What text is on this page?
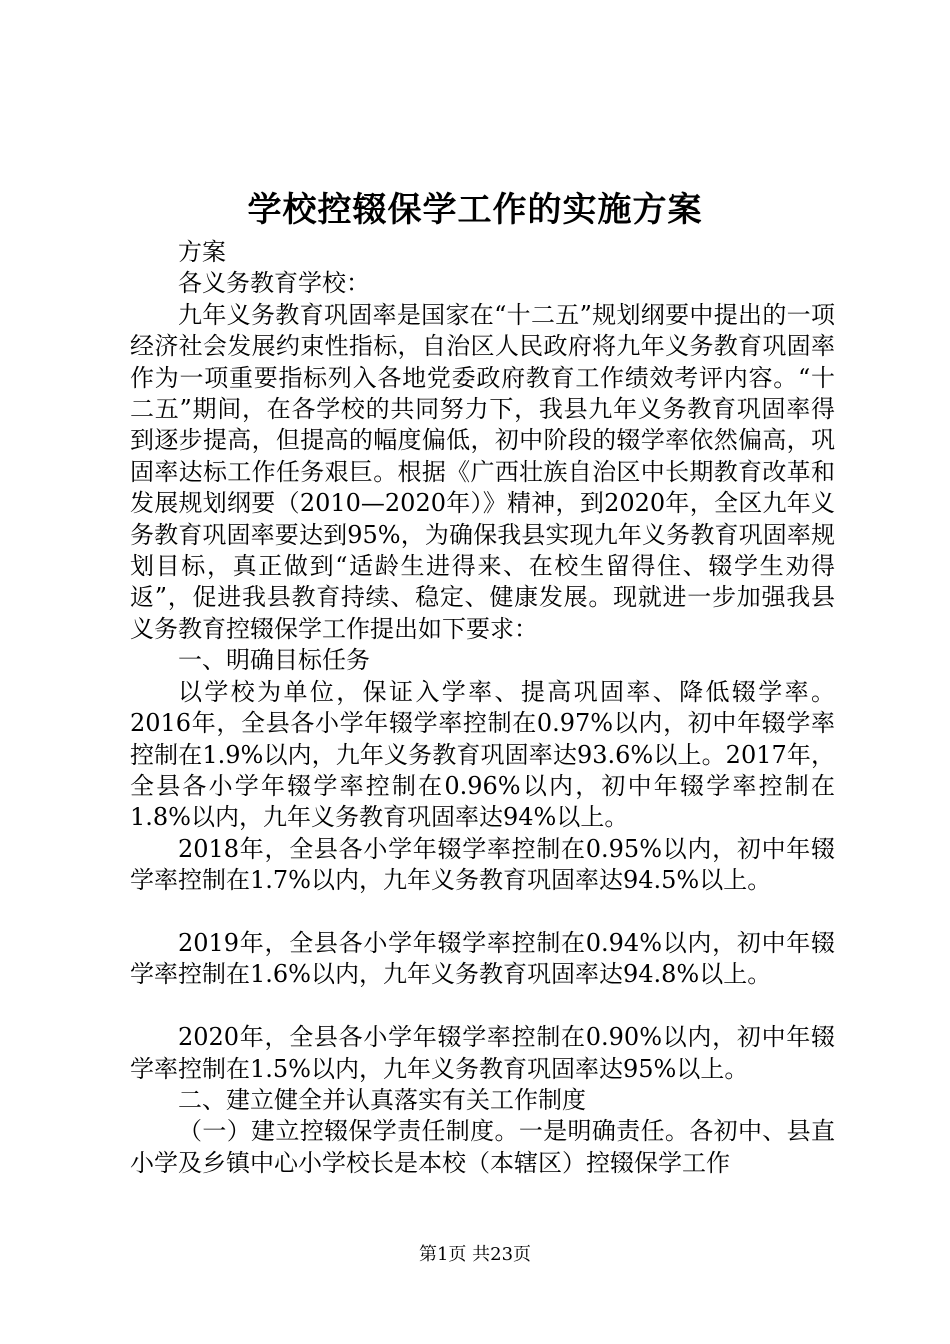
学校控辍保学工作的实施方案

方案

各义务教育学校：

九年义务教育巩固率是国家在“十二五”规划纲要中提出的一项经济社会发展约束性指标，自治区人民政府将九年义务教育巩固率作为一项重要指标列入各地党委政府教育工作绩效考评内容。“十二五”期间，在各学校的共同努力下，我县九年义务教育巩固率得到逐步提高，但提高的幅度偏低，初中阶段的辍学率依然偏高，巩固率达标工作任务艰巨。根据《广西壮族自治区中长期教育改革和发展规划纲要（2010—2020年）》精神，到2020年，全区九年义务教育巩固率要达到95%，为确保我县实现九年义务教育巩固率规划目标，真正做到“适龄生进得来、在校生留得住、辍学生劝得返”，促进我县教育持续、稳定、健康发展。现就进一步加强我县义务教育控辍保学工作提出如下要求：

一、明确目标任务

以学校为单位，保证入学率、提高巩固率、降低辍学率。2016年，全县各小学年辍学率控制在0.97%以内，初中年辍学率控制在1.9%以内，九年义务教育巩固率达93.6%以上。2017年，全县各小学年辍学率控制在0.96%以内，初中年辍学率控制在1.8%以内，九年义务教育巩固率达94%以上。

2018年，全县各小学年辍学率控制在0.95%以内，初中年辍学率控制在1.7%以内，九年义务教育巩固率达94.5%以上。

2019年，全县各小学年辍学率控制在0.94%以内，初中年辍学率控制在1.6%以内，九年义务教育巩固率达94.8%以上。

2020年，全县各小学年辍学率控制在0.90%以内，初中年辍学率控制在1.5%以内，九年义务教育巩固率达95%以上。

二、建立健全并认真落实有关工作制度

（一）建立控辍保学责任制度。一是明确责任。各初中、县直小学及乡镇中心小学校长是本校（本辖区）控辍保学工作

第1页 共23页
